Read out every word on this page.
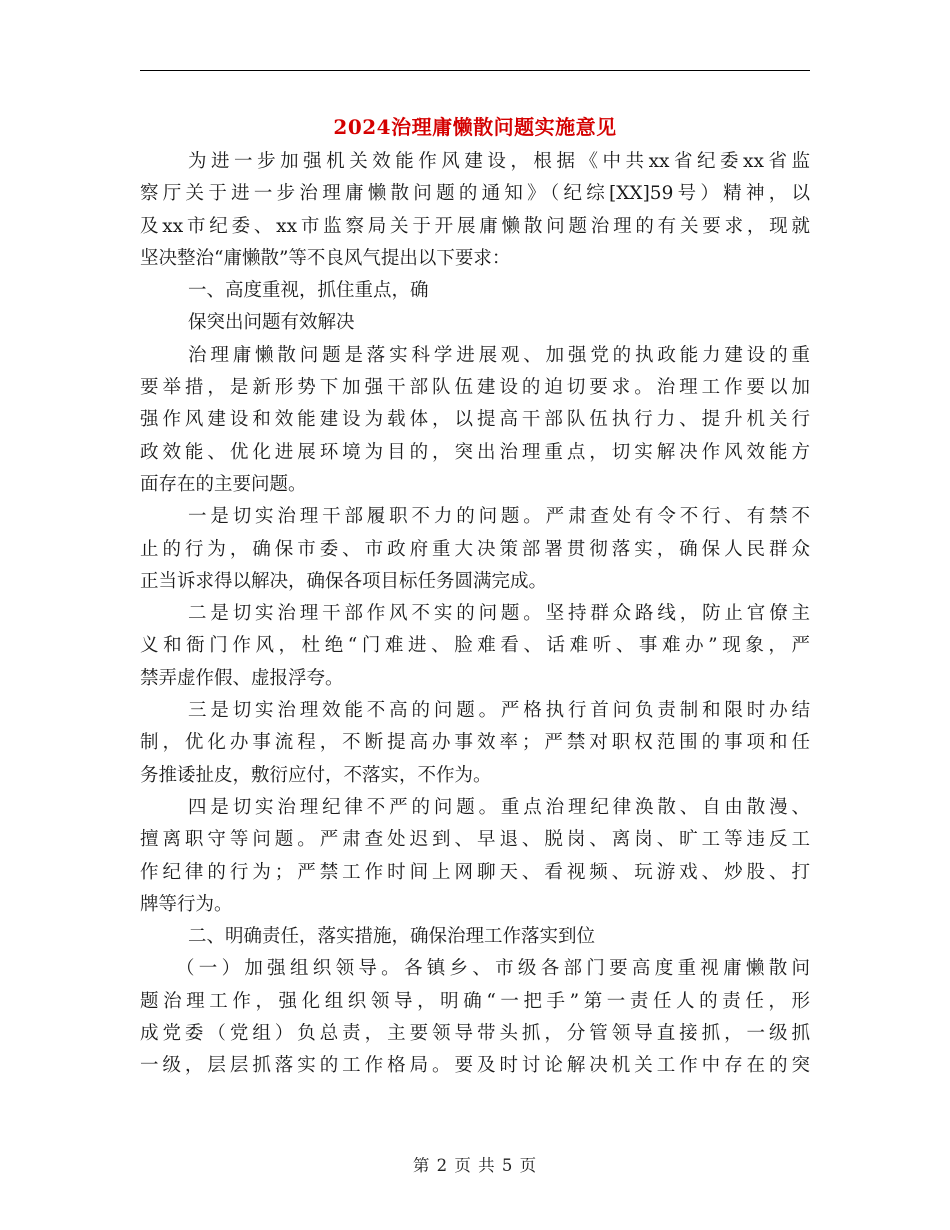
2024治理庸懒散问题实施意见
为进一步加强机关效能作风建设，根据《中共xx省纪委xx省监
察厅关于进一步治理庸懒散问题的通知》（纪综[XX]59号）精神，以
及xx市纪委、xx市监察局关于开展庸懒散问题治理的有关要求，现就
坚决整治“庸懒散”等不良风气提出以下要求：
一、高度重视，抓住重点，确
保突出问题有效解决
治理庸懒散问题是落实科学进展观、加强党的执政能力建设的重
要举措，是新形势下加强干部队伍建设的迫切要求。治理工作要以加
强作风建设和效能建设为载体，以提高干部队伍执行力、提升机关行
政效能、优化进展环境为目的，突出治理重点，切实解决作风效能方
面存在的主要问题。
一是切实治理干部履职不力的问题。严肃查处有令不行、有禁不
止的行为，确保市委、市政府重大决策部署贯彻落实，确保人民群众
正当诉求得以解决，确保各项目标任务圆满完成。
二是切实治理干部作风不实的问题。坚持群众路线，防止官僚主
义和衙门作风，杜绝“门难进、脸难看、话难听、事难办”现象，严
禁弄虚作假、虚报浮夸。
三是切实治理效能不高的问题。严格执行首问负责制和限时办结
制，优化办事流程，不断提高办事效率；严禁对职权范围的事项和任
务推诿扯皮，敷衍应付，不落实，不作为。
四是切实治理纪律不严的问题。重点治理纪律涣散、自由散漫、
擅离职守等问题。严肃查处迟到、早退、脱岗、离岗、旷工等违反工
作纪律的行为；严禁工作时间上网聊天、看视频、玩游戏、炒股、打
牌等行为。
二、明确责任，落实措施，确保治理工作落实到位
（一）加强组织领导。各镇乡、市级各部门要高度重视庸懒散问
题治理工作，强化组织领导，明确“一把手”第一责任人的责任，形
成党委（党组）负总责，主要领导带头抓，分管领导直接抓，一级抓
一级，层层抓落实的工作格局。要及时讨论解决机关工作中存在的突
第 2 页 共 5 页
